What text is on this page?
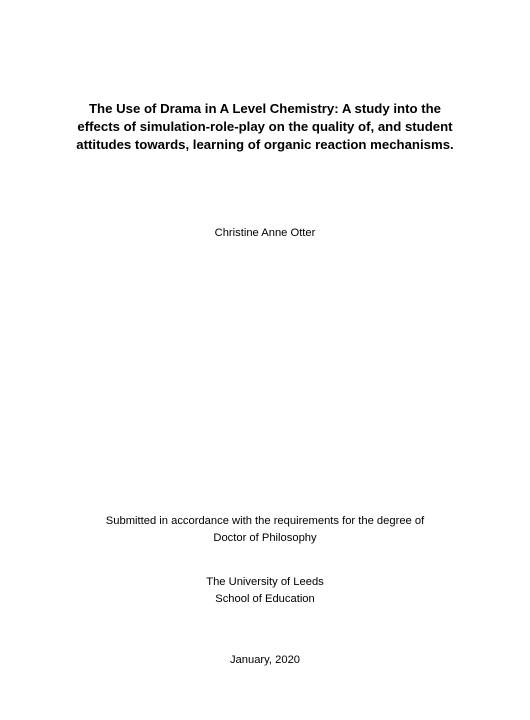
The Use of Drama in A Level Chemistry: A study into the
effects of simulation-role-play on the quality of, and student
attitudes towards, learning of organic reaction mechanisms.
Christine Anne Otter
Submitted in accordance with the requirements for the degree of
Doctor of Philosophy
The University of Leeds
School of Education
January, 2020
